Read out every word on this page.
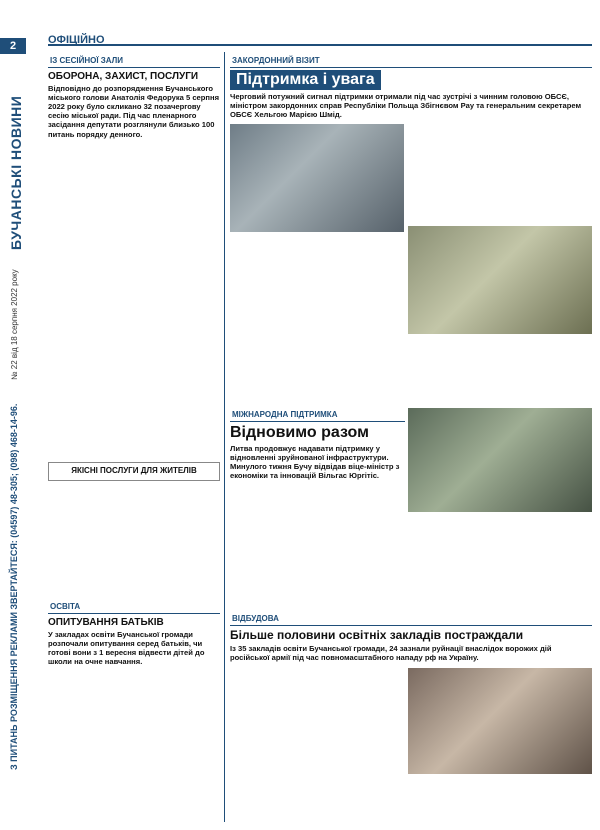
2
БУЧАНСЬКІ НОВИНИ
№ 22 від 18 серпня 2022 року
З ПИТАНЬ РОЗМІЩЕННЯ РЕКЛАМИ ЗВЕРТАЙТЕСЯ: (04597) 48-305; (098) 468-14-96.
ОФІЦІЙНО
ІЗ СЕСІЙНОЇ ЗАЛИ
ОБОРОНА, ЗАХИСТ, ПОСЛУГИ
Відповідно до розпорядження Бучанського міського голови Анатолія Федорука 5 серпня 2022 року було скликано 32 позачергову сесію міської ради. Під час пленарного засідання депутати розглянули близько 100 питань порядку денного.
ЯКІСНІ ПОСЛУГИ ДЛЯ ЖИТЕЛІВ
ОСВІТА
ОПИТУВАННЯ БАТЬКІВ
У закладах освіти Бучанської громади розпочали опитування серед батьків, чи готові вони з 1 вересня відвести дітей до школи на очне навчання.
ЗАКОРДОННИЙ ВІЗИТ
Підтримка і увага
Черговий потужний сигнал підтримки отримали під час зустрічі з чинним головою ОБСЄ, міністром закордонних справ Республіки Польща Збігнєвом Рау та генеральним секретарем ОБСЄ Хельгою Марією Шмід.
МІЖНАРОДНА ПІДТРИМКА
Відновимо разом
Литва продовжує надавати підтримку у відновленні зруйнованої інфраструктури. Минулого тижня Бучу відвідав віце-міністр з економіки та інновацій Вільгас Юргітіс.
ВІДБУДОВА
Більше половини освітніх закладів постраждали
Із 35 закладів освіти Бучанської громади, 24 зазнали руйнації внаслідок ворожих дій російської армії під час повномасштабного нападу рф на Україну.
